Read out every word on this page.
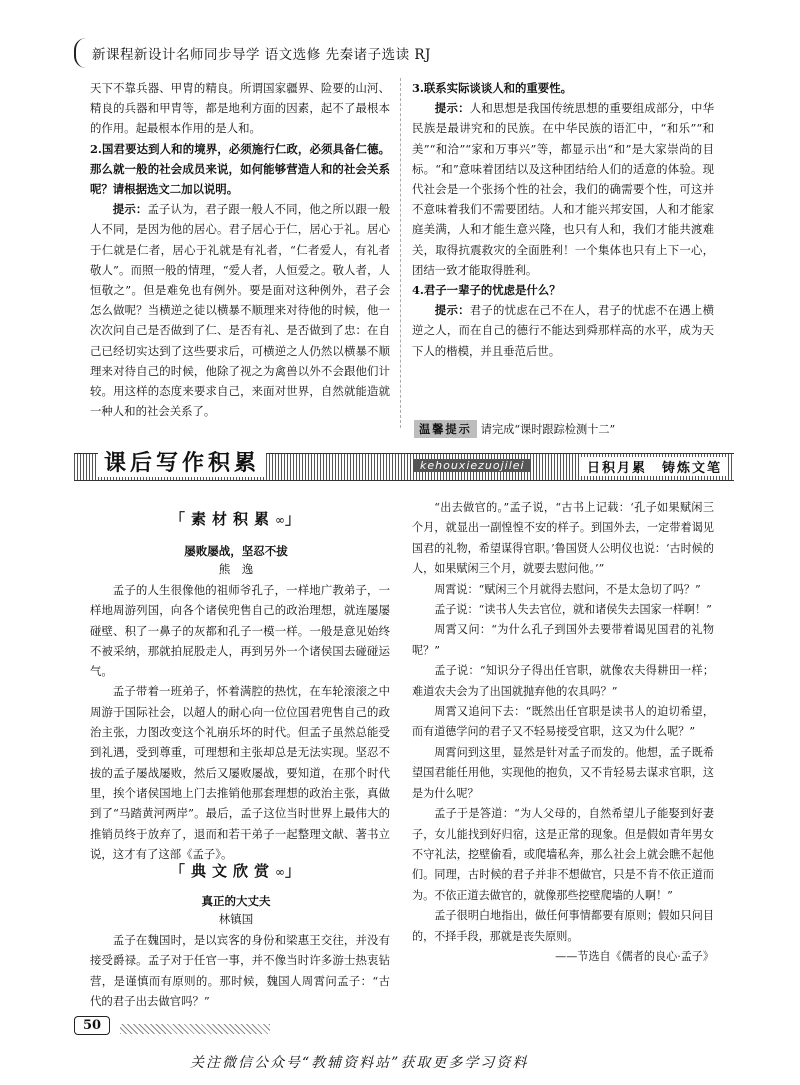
新课程新设计名师同步导学 语文选修 先秦诸子选读 RJ

天下不靠兵器、甲胄的精良。所谓国家疆界、险要的山河、精良的兵器和甲胄等，都是地利方面的因素，起不了最根本的作用。起最根本作用的是人和。

2.国君要达到人和的境界，必须施行仁政，必须具备仁德。那么就一般的社会成员来说，如何能够营造人和的社会关系呢？请根据选文二加以说明。

提示：孟子认为，君子跟一般人不同，他之所以跟一般人不同，是因为他的居心。君子居心于仁，居心于礼。居心于仁就是仁者，居心于礼就是有礼者，“仁者爱人，有礼者敬人”。而照一般的情理，“爱人者，人恒爱之。敬人者，人恒敬之”。但是难免也有例外。要是面对这种例外，君子会怎么做呢？当横逆之徒以横暴不顺理来对待他的时候，他一次次问自己是否做到了仁、是否有礼、是否做到了忠：在自己已经切实达到了这些要求后，可横逆之人仍然以横暴不顺理来对待自己的时候，他除了视之为禽兽以外不会跟他们计较。用这样的态度来要求自己，来面对世界，自然就能造就一种人和的社会关系了。

3.联系实际谈谈人和的重要性。

提示：人和思想是我国传统思想的重要组成部分，中华民族是最讲究和的民族。在中华民族的语汇中，“和乐”“和美”“和洽”“家和万事兴”等，都显示出“和”是大家崇尚的目标。“和”意味着团结以及这种团结给人们的适意的体验。现代社会是一个张扬个性的社会，我们的确需要个性，可这并不意味着我们不需要团结。人和才能兴邦安国，人和才能家庭美满，人和才能生意兴隆，也只有人和，我们才能共渡难关，取得抗震救灾的全面胜利！一个集体也只有上下一心，团结一致才能取得胜利。

4.君子一辈子的忧虑是什么？

提示：君子的忧虑在己不在人，君子的忧虑不在遇上横逆之人，而在自己的德行不能达到舜那样高的水平，成为天下人的楷模，并且垂范后世。

温馨提示 请完成“课时跟踪检测十二”
课后写作积累	kehouxiezuojilei	日积月累　铸炼文笔
「素材积累∞」
屡败屡战，坚忍不拔
熊　逸

孟子的人生很像他的祖师爷孔子，一样地广教弟子，一样地周游列国，向各个诸侯兜售自己的政治理想，就连屡屡碰壁、积了一鼻子的灰都和孔子一模一样。一般是意见始终不被采纳，那就拍屁股走人，再到另外一个诸侯国去碰碰运气。

孟子带着一班弟子，怀着满腔的热忱，在车轮滚滚之中周游于国际社会，以超人的耐心向一位位国君兜售自己的政治主张，力图改变这个礼崩乐坏的时代。但孟子虽然总能受到礼遇，受到尊重，可理想和主张却总是无法实现。坚忍不拔的孟子屡战屡败，然后又屡败屡战，要知道，在那个时代里，挨个诸侯国地上门去推销他那套理想的政治主张，真做到了“马踏黄河两岸”。最后，孟子这位当时世界上最伟大的推销员终于放弃了，退而和若干弟子一起整理文献、著书立说，这才有了这部《孟子》。

「典文欣赏∞」
真正的大丈夫
林镇国

孟子在魏国时，是以宾客的身份和梁惠王交往，并没有接受爵禄。孟子对于任官一事，并不像当时许多游士热衷钻营，是谨慎而有原则的。那时候，魏国人周霄问孟子：“古代的君子出去做官吗？”

“出去做官的。”孟子说，“古书上记载：‘孔子如果赋闲三个月，就显出一副惶惶不安的样子。到国外去，一定带着谒见国君的礼物，希望谋得官职。’鲁国贤人公明仪也说：‘古时候的人，如果赋闲三个月，就要去慰问他。’”

周霄说：“赋闲三个月就得去慰问，不是太急切了吗？”

孟子说：“读书人失去官位，就和诸侯失去国家一样啊！”

周霄又问：“为什么孔子到国外去要带着谒见国君的礼物呢？”

孟子说：“知识分子得出任官职，就像农夫得耕田一样；难道农夫会为了出国就抛弃他的农具吗？”

周霄又追问下去：“既然出任官职是读书人的迫切希望，而有道德学问的君子又不轻易接受官职，这又为什么呢？”

周霄问到这里，显然是针对孟子而发的。他想，孟子既希望国君能任用他，实现他的抱负，又不肯轻易去谋求官职，这是为什么呢？

孟子于是答道：“为人父母的，自然希望儿子能娶到好妻子，女儿能找到好归宿，这是正常的现象。但是假如青年男女不守礼法，挖壁偷看，或爬墙私奔，那么社会上就会瞧不起他们。同理，古时候的君子并非不想做官，只是不肯不依正道而为。不依正道去做官的，就像那些挖壁爬墙的人啊！”

孟子很明白地指出，做任何事情都要有原则；假如只问目的，不择手段，那就是丧失原则。

——节选自《儒者的良心·孟子》

50
关注微信公众号“教辅资料站”获取更多学习资料
